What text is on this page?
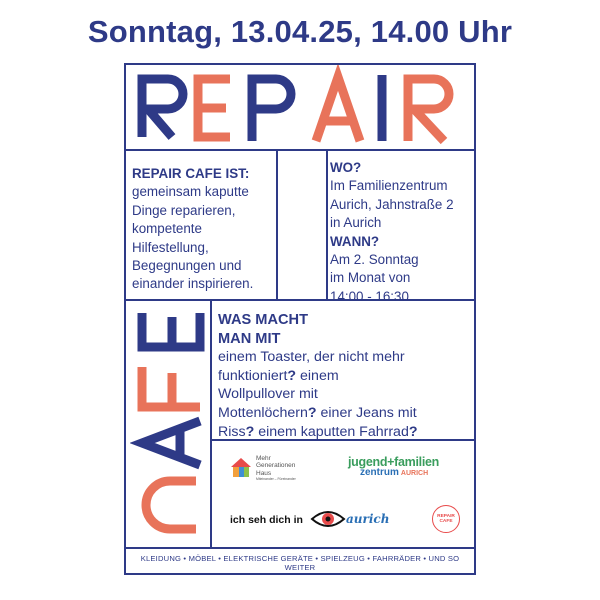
Sonntag, 13.04.25, 14.00 Uhr
REPAIR CAFE IST:
gemeinsam kaputte
Dinge reparieren,
kompetente
Hilfestellung,
Begegnungen und
einander inspirieren.
WO?
Im Familienzentrum
Aurich, Jahnstraße 2
in Aurich
WANN?
Am 2. Sonntag
im Monat von
14:00 - 16:30
WAS MACHT
MAN MIT
einem Toaster, der nicht mehr
funktioniert? einem
Wollpullover mit
Mottenlöchern? einer Jeans mit
Riss? einem kaputten Fahrrad?
Mehr
Generationen
Haus
Miteinander – Füreinander
jugend+familien
zentrum AURICH
ich seh dich in	aurich	REPAIR
CAFE
KLEIDUNG • MÖBEL • ELEKTRISCHE GERÄTE • SPIELZEUG • FAHRRÄDER • UND SO WEITER
